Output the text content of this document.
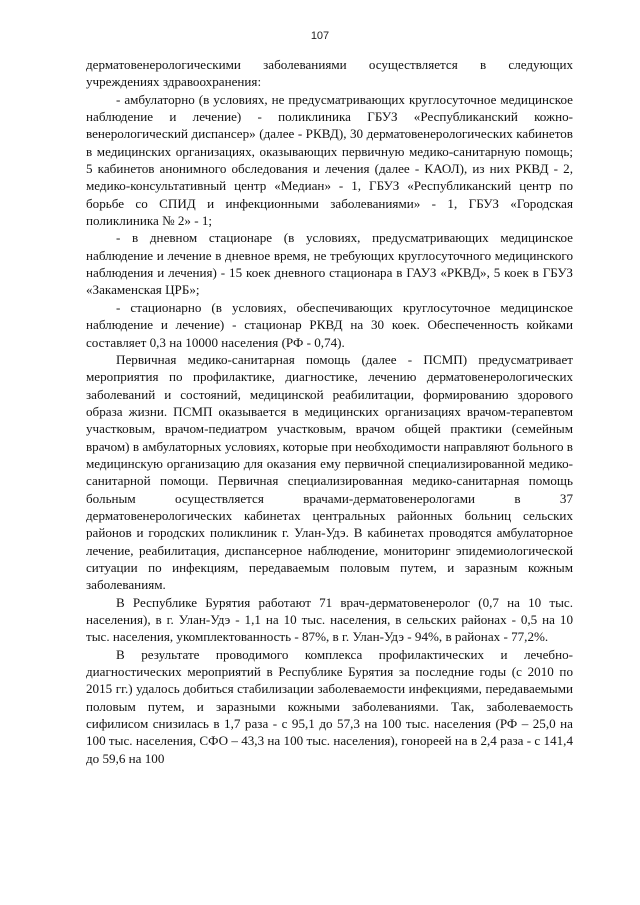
107

дерматовенерологическими заболеваниями осуществляется в следующих учреждениях здравоохранения:

- амбулаторно (в условиях, не предусматривающих круглосуточное медицинское наблюдение и лечение) - поликлиника ГБУЗ «Республиканский кожно-венерологический диспансер» (далее - РКВД), 30 дерматовенерологических кабинетов в медицинских организациях, оказывающих первичную медико-санитарную помощь; 5 кабинетов анонимного обследования и лечения (далее - КАОЛ), из них РКВД - 2, медико-консультативный центр «Медиан» - 1, ГБУЗ «Республиканский центр по борьбе со СПИД и инфекционными заболеваниями» - 1, ГБУЗ «Городская поликлиника № 2» - 1;

- в дневном стационаре (в условиях, предусматривающих медицинское наблюдение и лечение в дневное время, не требующих круглосуточного медицинского наблюдения и лечения) - 15 коек дневного стационара в ГАУЗ «РКВД», 5 коек в ГБУЗ «Закаменская ЦРБ»;

- стационарно (в условиях, обеспечивающих круглосуточное медицинское наблюдение и лечение) - стационар РКВД на 30 коек. Обеспеченность койками составляет 0,3 на 10000 населения (РФ - 0,74).

Первичная медико-санитарная помощь (далее - ПСМП) предусматривает мероприятия по профилактике, диагностике, лечению дерматовенерологических заболеваний и состояний, медицинской реабилитации, формированию здорового образа жизни. ПСМП оказывается в медицинских организациях врачом-терапевтом участковым, врачом-педиатром участковым, врачом общей практики (семейным врачом) в амбулаторных условиях, которые при необходимости направляют больного в медицинскую организацию для оказания ему первичной специализированной медико-санитарной помощи. Первичная специализированная медико-санитарная помощь больным осуществляется врачами-дерматовенерологами в 37 дерматовенерологических кабинетах центральных районных больниц сельских районов и городских поликлиник г. Улан-Удэ. В кабинетах проводятся амбулаторное лечение, реабилитация, диспансерное наблюдение, мониторинг эпидемиологической ситуации по инфекциям, передаваемым половым путем, и заразным кожным заболеваниям.

В Республике Бурятия работают 71 врач-дерматовенеролог (0,7 на 10 тыс. населения), в г. Улан-Удэ - 1,1 на 10 тыс. населения, в сельских районах - 0,5 на 10 тыс. населения, укомплектованность - 87%, в г. Улан-Удэ - 94%, в районах - 77,2%.

В результате проводимого комплекса профилактических и лечебно-диагностических мероприятий в Республике Бурятия за последние годы (с 2010 по 2015 гг.) удалось добиться стабилизации заболеваемости инфекциями, передаваемыми половым путем, и заразными кожными заболеваниями. Так, заболеваемость сифилисом снизилась в 1,7 раза - с 95,1 до 57,3 на 100 тыс. населения (РФ – 25,0 на 100 тыс. населения, СФО – 43,3 на 100 тыс. населения), гонореей на в 2,4 раза - с 141,4 до 59,6 на 100
